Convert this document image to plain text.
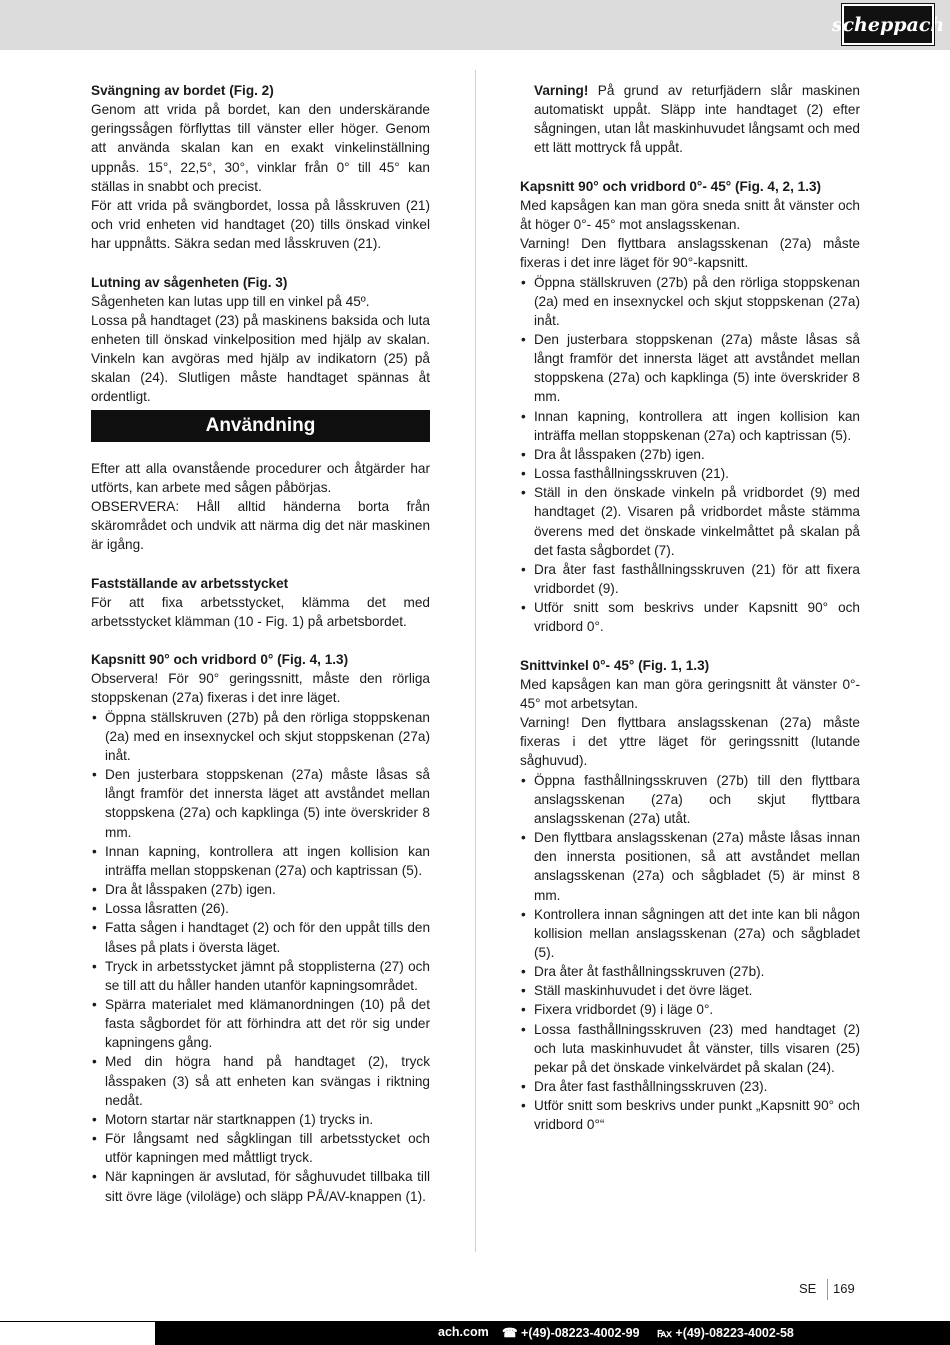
scheppach
Svängning av bordet (Fig. 2)
Genom att vrida på bordet, kan den underskärande geringssågen förflyttas till vänster eller höger. Genom att använda skalan kan en exakt vinkelinställning uppnås. 15°, 22,5°, 30°, vinklar från 0° till 45° kan ställas in snabbt och precist.
För att vrida på svängbordet, lossa på låsskruven (21) och vrid enheten vid handtaget (20) tills önskad vinkel har uppnåtts. Säkra sedan med låsskruven (21).
Lutning av sågenheten (Fig. 3)
Sågenheten kan lutas upp till en vinkel på 45º.
Lossa på handtaget (23) på maskinens baksida och luta enheten till önskad vinkelposition med hjälp av skalan. Vinkeln kan avgöras med hjälp av indikatorn (25) på skalan (24). Slutligen måste handtaget spännas åt ordentligt.
Användning
Efter att alla ovanstående procedurer och åtgärder har utförts, kan arbete med sågen påbörjas.
OBSERVERA: Håll alltid händerna borta från skärområdet och undvik att närma dig det när maskinen är igång.
Fastställande av arbetsstycket
För att fixa arbetsstycket, klämma det med arbetsstycket klämman (10 - Fig. 1) på arbetsbordet.
Kapsnitt 90° och vridbord 0° (Fig. 4, 1.3)
Observera! För 90° geringssnitt, måste den rörliga stoppskenan (27a) fixeras i det inre läget.
• Öppna ställskruven (27b) på den rörliga stoppskenan (2a) med en insexnyckel och skjut stoppskenan (27a) inåt.
• Den justerbara stoppskenan (27a) måste låsas så långt framför det innersta läget att avståndet mellan stoppskena (27a) och kapklinga (5) inte överskrider 8 mm.
• Innan kapning, kontrollera att ingen kollision kan inträffa mellan stoppskenan (27a) och kaptrissan (5).
• Dra åt låsspaken (27b) igen.
• Lossa låsratten (26).
• Fatta sågen i handtaget (2) och för den uppåt tills den låses på plats i översta läget.
• Tryck in arbetsstycket jämnt på stopplisterna (27) och se till att du håller handen utanför kapningsområdet.
• Spärra materialet med klämanordningen (10) på det fasta sågbordet för att förhindra att det rör sig under kapningens gång.
• Med din högra hand på handtaget (2), tryck låsspaken (3) så att enheten kan svängas i riktning nedåt.
• Motorn startar när startknappen (1) trycks in.
• För långsamt ned sågklingan till arbetsstycket och utför kapningen med måttligt tryck.
• När kapningen är avslutad, för såghuvudet tillbaka till sitt övre läge (viloläge) och släpp PÅ/AV-knappen (1).
Varning! På grund av returfjädern slår maskinen automatiskt uppåt. Släpp inte handtaget (2) efter sågningen, utan låt maskinhuvudet långsamt och med ett lätt mottryck få uppåt.
Kapsnitt 90° och vridbord 0°- 45° (Fig. 4, 2, 1.3)
Med kapsågen kan man göra sneda snitt åt vänster och åt höger 0°- 45° mot anslagsskenan.
Varning! Den flyttbara anslagsskenan (27a) måste fixeras i det inre läget för 90°-kapsnitt.
• Öppna ställskruven (27b) på den rörliga stoppskenan (2a) med en insexnyckel och skjut stoppskenan (27a) inåt.
• Den justerbara stoppskenan (27a) måste låsas så långt framför det innersta läget att avståndet mellan stoppskena (27a) och kapklinga (5) inte överskrider 8 mm.
• Innan kapning, kontrollera att ingen kollision kan inträffa mellan stoppskenan (27a) och kaptrissan (5).
• Dra åt låsspaken (27b) igen.
• Lossa fasthållningsskruven (21).
• Ställ in den önskade vinkeln på vridbordet (9) med handtaget (2). Visaren på vridbordet måste stämma överens med det önskade vinkelmåttet på skalan på det fasta sågbordet (7).
• Dra åter fast fasthållningsskruven (21) för att fixera vridbordet (9).
• Utför snitt som beskrivs under Kapsnitt 90° och vridbord 0°.
Snittvinkel 0°- 45° (Fig. 1, 1.3)
Med kapsågen kan man göra geringsnitt åt vänster 0°- 45° mot arbetsytan.
Varning! Den flyttbara anslagsskenan (27a) måste fixeras i det yttre läget för geringssnitt (lutande såghuvud).
• Öppna fasthållningsskruven (27b) till den flyttbara anslagsskenan (27a) och skjut flyttbara anslagsskenan (27a) utåt.
• Den flyttbara anslagsskenan (27a) måste låsas innan den innersta positionen, så att avståndet mellan anslagsskenan (27a) och sågbladet (5) är minst 8 mm.
• Kontrollera innan sågningen att det inte kan bli någon kollision mellan anslagsskenan (27a) och sågbladet (5).
• Dra åter åt fasthållningsskruven (27b).
• Ställ maskinhuvudet i det övre läget.
• Fixera vridbordet (9) i läge 0°.
• Lossa fasthållningsskruven (23) med handtaget (2) och luta maskinhuvudet åt vänster, tills visaren (25) pekar på det önskade vinkelvärdet på skalan (24).
• Dra åter fast fasthållningsskruven (23).
• Utför snitt som beskrivs under punkt „Kapsnitt 90° och vridbord 0°“
SE 169
ach.com ☎ +(49)-08223-4002-99 ℻ +(49)-08223-4002-58
